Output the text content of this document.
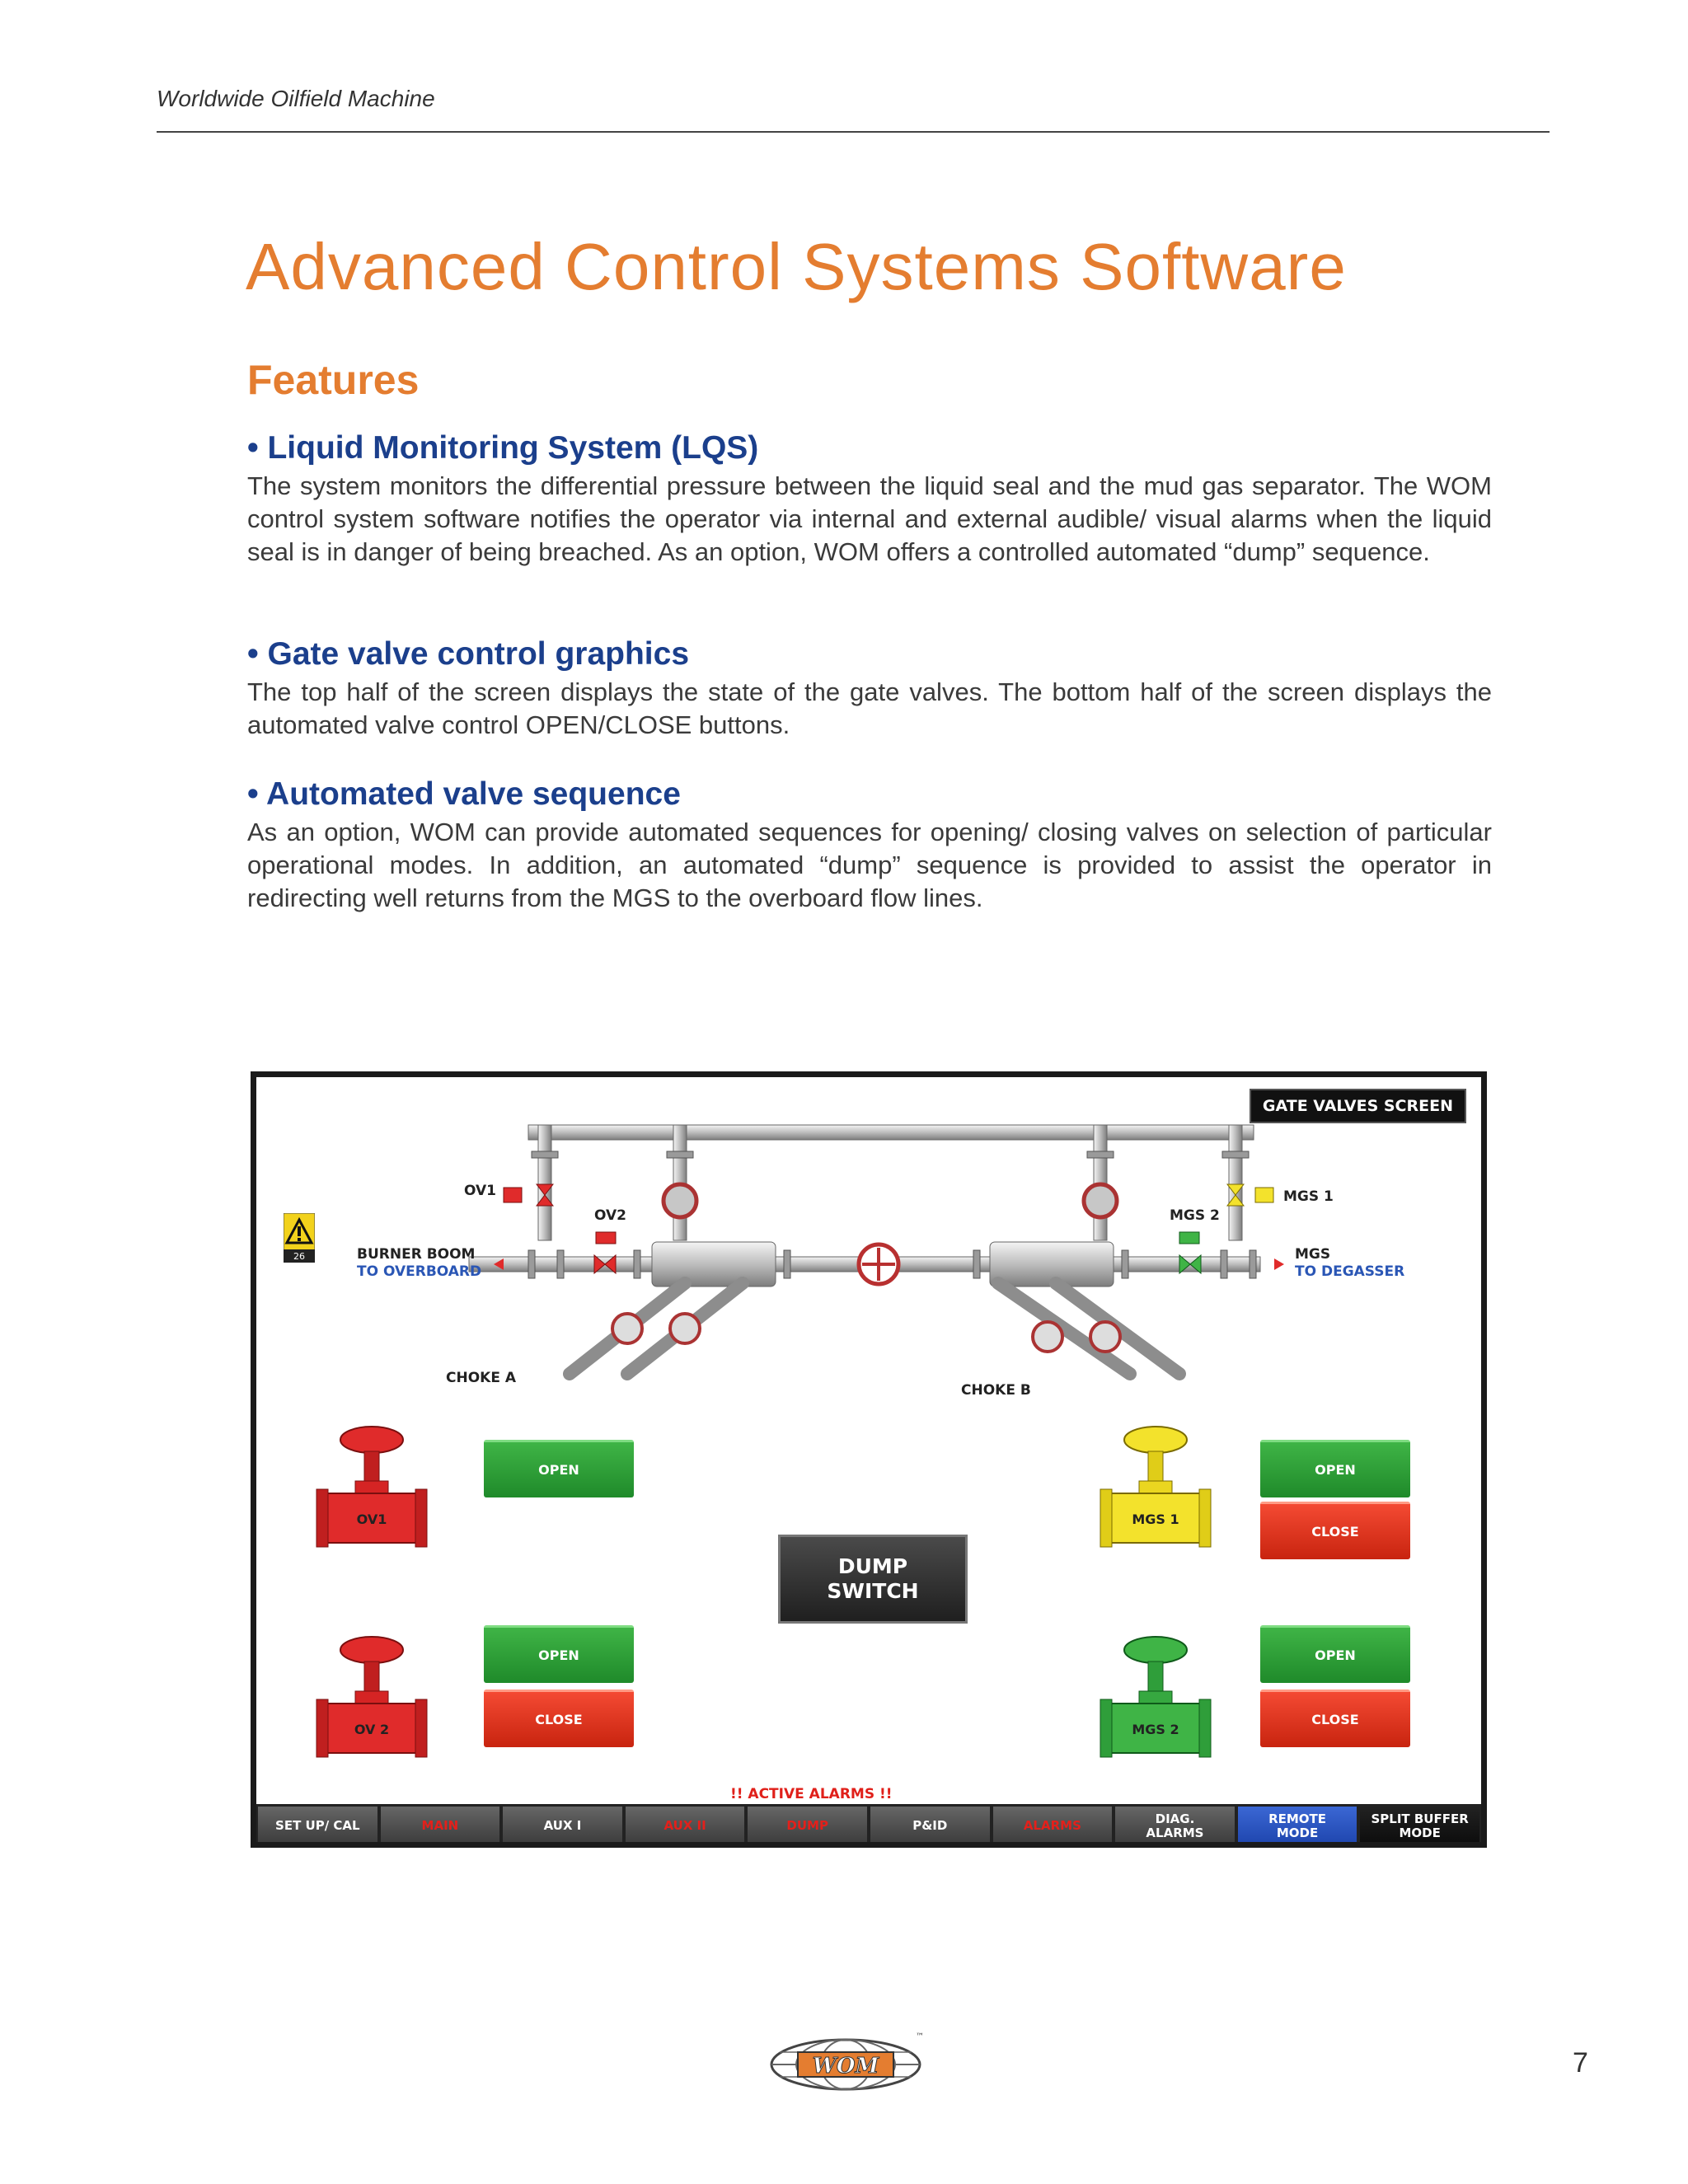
Worldwide Oilfield Machine
Advanced Control Systems Software
Features
• Liquid Monitoring System (LQS)

The system monitors the differential pressure between the liquid seal and the mud gas separator. The WOM control system software notifies the operator via internal and external audible/ visual alarms when the liquid seal is in danger of being breached. As an option, WOM offers a controlled automated “dump” sequence.

• Gate valve control graphics

The top half of the screen displays the state of the gate valves. The bottom half of the screen displays the automated valve control OPEN/CLOSE buttons.

• Automated valve sequence

As an option, WOM can provide automated sequences for opening/ closing valves on selection of particular operational modes. In addition, an automated “dump” sequence is provided to assist the operator in redirecting well returns from the MGS to the overboard flow lines.

GATE VALVES SCREEN
OV1
OV2
MGS 1
MGS 2
BURNER BOOM
TO OVERBOARD
MGS
TO DEGASSER
CHOKE A
CHOKE B
26
OV1
OV 2
MGS 1
MGS 2
OPEN
OPEN
CLOSE
OPEN
CLOSE
OPEN
CLOSE
DUMP
SWITCH
!! ACTIVE ALARMS !!
SET UP/ CAL	MAIN	AUX I	AUX II	DUMP	P&ID	ALARMS	DIAG.
ALARMS
REMOTE
MODE
SPLIT BUFFER
MODE
WOM
™
7
